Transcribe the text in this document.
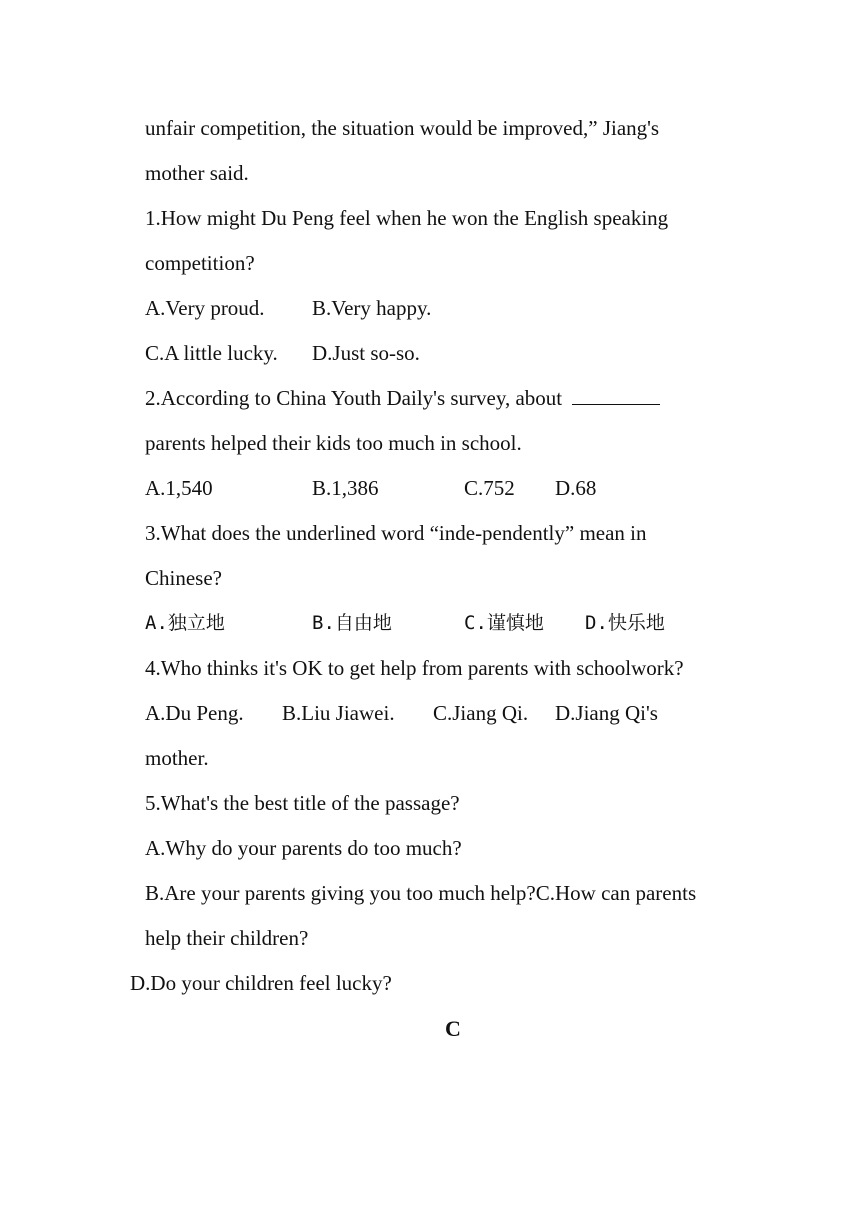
unfair competition, the situation would be improved,” Jiang's
mother said.
1.How might Du Peng feel when he won the English speaking
competition?
A.Very proud. B.Very happy.
C.A little lucky. D.Just so-so.
2.According to China Youth Daily's survey, about
parents helped their kids too much in school.
A.1,540	B.1,386	C.752 D.68
3.What does the underlined word “inde-pendently” mean in
Chinese?
A.独立地	B.自由地	C.谨慎地 D.快乐地
4.Who thinks it's OK to get help from parents with schoolwork?
A.Du Peng. B.Liu Jiawei. C.Jiang Qi. D.Jiang Qi's
mother.
5.What's the best title of the passage?
A.Why do your parents do too much?
B.Are your parents giving you too much help?C.How can parents
help their children?
D.Do your children feel lucky?
C
